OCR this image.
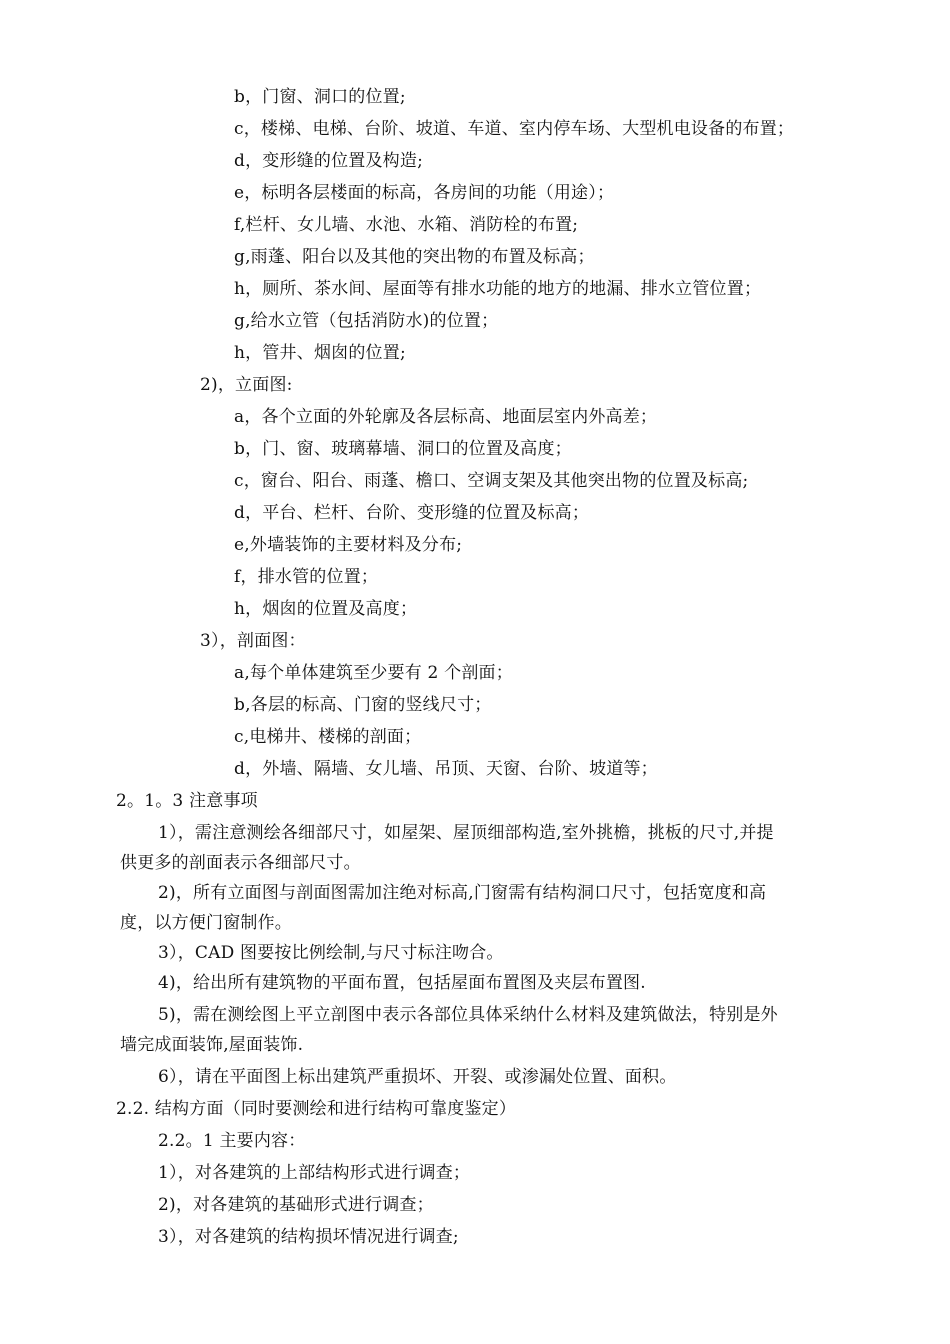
b，门窗、洞口的位置;
c，楼梯、电梯、台阶、坡道、车道、室内停车场、大型机电设备的布置；
d，变形缝的位置及构造;
e，标明各层楼面的标高，各房间的功能（用途）；
f,栏杆、女儿墙、水池、水箱、消防栓的布置;
g,雨蓬、阳台以及其他的突出物的布置及标高；
h，厕所、茶水间、屋面等有排水功能的地方的地漏、排水立管位置；
g,给水立管（包括消防水)的位置；
h，管井、烟囱的位置;
2)，立面图:
a，各个立面的外轮廓及各层标高、地面层室内外高差；
b，门、窗、玻璃幕墙、洞口的位置及高度；
c，窗台、阳台、雨蓬、檐口、空调支架及其他突出物的位置及标高;
d，平台、栏杆、台阶、变形缝的位置及标高；
e,外墙装饰的主要材料及分布;
f，排水管的位置；
h，烟囱的位置及高度；
3），剖面图：
a,每个单体建筑至少要有 2 个剖面；
b,各层的标高、门窗的竖线尺寸；
c,电梯井、楼梯的剖面；
d，外墙、隔墙、女儿墙、吊顶、天窗、台阶、坡道等；
2。1。3 注意事项
1），需注意测绘各细部尺寸，如屋架、屋顶细部构造,室外挑檐，挑板的尺寸,并提
供更多的剖面表示各细部尺寸。
2)，所有立面图与剖面图需加注绝对标高,门窗需有结构洞口尺寸，包括宽度和高
度，以方便门窗制作。
3），CAD 图要按比例绘制,与尺寸标注吻合。
4)，给出所有建筑物的平面布置，包括屋面布置图及夹层布置图.
5)，需在测绘图上平立剖图中表示各部位具体采纳什么材料及建筑做法，特别是外
墙完成面装饰,屋面装饰.
6），请在平面图上标出建筑严重损坏、开裂、或渗漏处位置、面积。
2.2. 结构方面（同时要测绘和进行结构可靠度鉴定）
2.2。1 主要内容：
1），对各建筑的上部结构形式进行调查；
2)，对各建筑的基础形式进行调查；
3），对各建筑的结构损坏情况进行调查;
